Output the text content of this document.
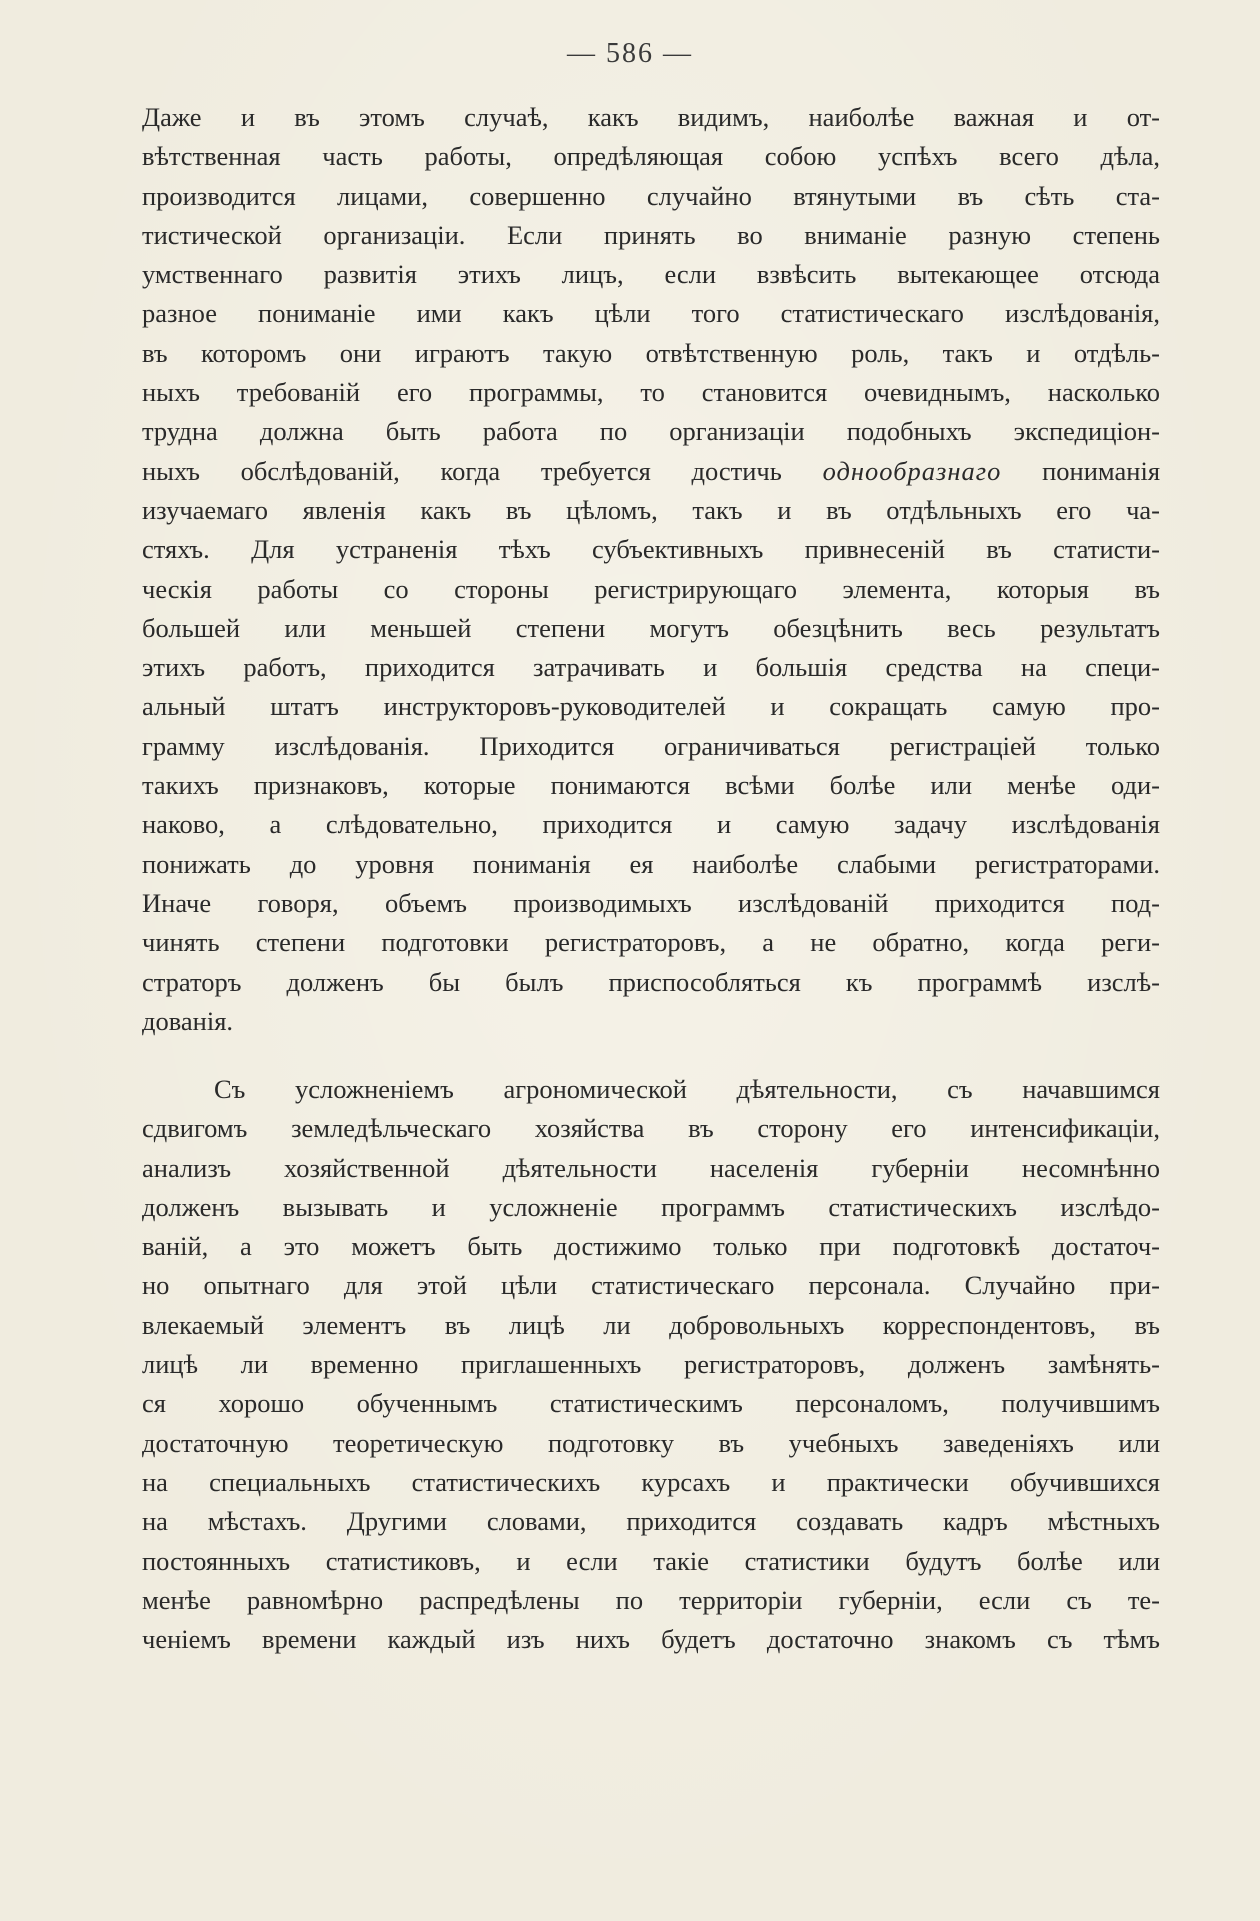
— 586 —
Даже и въ этомъ случаѣ, какъ видимъ, наиболѣе важная и от-
вѣтственная часть работы, опредѣляющая собою успѣхъ всего дѣла,
производится лицами, совершенно случайно втянутыми въ сѣть ста-
тистической организаціи. Если принять во вниманіе разную степень
умственнаго развитія этихъ лицъ, если взвѣсить вытекающее отсюда
разное пониманіе ими какъ цѣли того статистическаго изслѣдованія,
въ которомъ они играютъ такую отвѣтственную роль, такъ и отдѣль-
ныхъ требованій его программы, то становится очевиднымъ, насколько
трудна должна быть работа по организаціи подобныхъ экспедиціон-
ныхъ обслѣдованій, когда требуется достичь однообразнаго пониманія
изучаемаго явленія какъ въ цѣломъ, такъ и въ отдѣльныхъ его ча-
стяхъ. Для устраненія тѣхъ субъективныхъ привнесеній въ статисти-
ческія работы со стороны регистрирующаго элемента, которыя въ
большей или меньшей степени могутъ обезцѣнить весь результатъ
этихъ работъ, приходится затрачивать и большія средства на специ-
альный штатъ инструкторовъ-руководителей и сокращать самую про-
грамму изслѣдованія. Приходится ограничиваться регистраціей только
такихъ признаковъ, которые понимаются всѣми болѣе или менѣе оди-
наково, а слѣдовательно, приходится и самую задачу изслѣдованія
понижать до уровня пониманія ея наиболѣе слабыми регистраторами.
Иначе говоря, объемъ производимыхъ изслѣдованій приходится под-
чинять степени подготовки регистраторовъ, а не обратно, когда реги-
страторъ долженъ бы былъ приспособляться къ программѣ изслѣ-
дованія.
Съ усложненіемъ агрономической дѣятельности, съ начавшимся
сдвигомъ земледѣльческаго хозяйства въ сторону его интенсификаціи,
анализъ хозяйственной дѣятельности населенія губерніи несомнѣнно
долженъ вызывать и усложненіе программъ статистическихъ изслѣдо-
ваній, а это можетъ быть достижимо только при подготовкѣ достаточ-
но опытнаго для этой цѣли статистическаго персонала. Случайно при-
влекаемый элементъ въ лицѣ ли добровольныхъ корреспондентовъ, въ
лицѣ ли временно приглашенныхъ регистраторовъ, долженъ замѣнять-
ся хорошо обученнымъ статистическимъ персоналомъ, получившимъ
достаточную теоретическую подготовку въ учебныхъ заведеніяхъ или
на специальныхъ статистическихъ курсахъ и практически обучившихся
на мѣстахъ. Другими словами, приходится создавать кадръ мѣстныхъ
постоянныхъ статистиковъ, и если такіе статистики будутъ болѣе или
менѣе равномѣрно распредѣлены по территоріи губерніи, если съ те-
ченіемъ времени каждый изъ нихъ будетъ достаточно знакомъ съ тѣмъ
